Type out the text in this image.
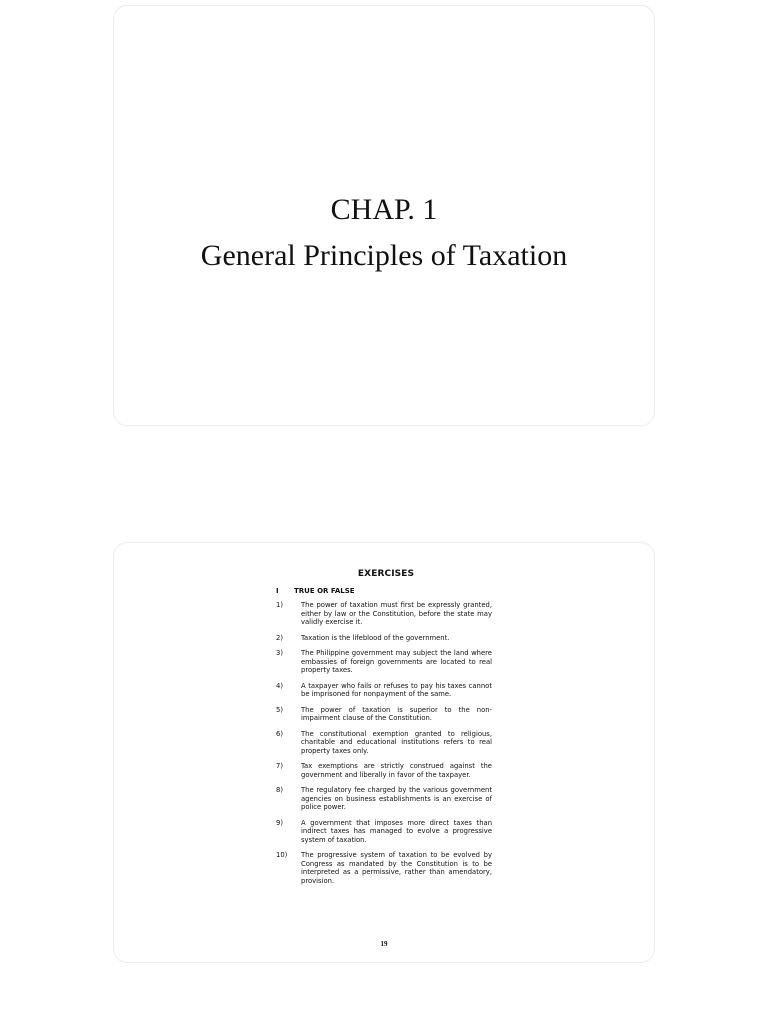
CHAP. 1
General Principles of Taxation
EXERCISES
I	TRUE OR FALSE
1)	The power of taxation must first be expressly granted, either by law or the Constitution, before the state may validly exercise it.
2)	Taxation is the lifeblood of the government.
3)	The Philippine government may subject the land where embassies of foreign governments are located to real property taxes.
4)	A taxpayer who fails or refuses to pay his taxes cannot be imprisoned for nonpayment of the same.
5)	The power of taxation is superior to the non-impairment clause of the Constitution.
6)	The constitutional exemption granted to religious, charitable and educational institutions refers to real property taxes only.
7)	Tax exemptions are strictly construed against the government and liberally in favor of the taxpayer.
8)	The regulatory fee charged by the various government agencies on business establishments is an exercise of police power.
9)	A government that imposes more direct taxes than indirect taxes has managed to evolve a progressive system of taxation.
10)	The progressive system of taxation to be evolved by Congress as mandated by the Constitution is to be interpreted as a permissive, rather than amendatory, provision.
19
